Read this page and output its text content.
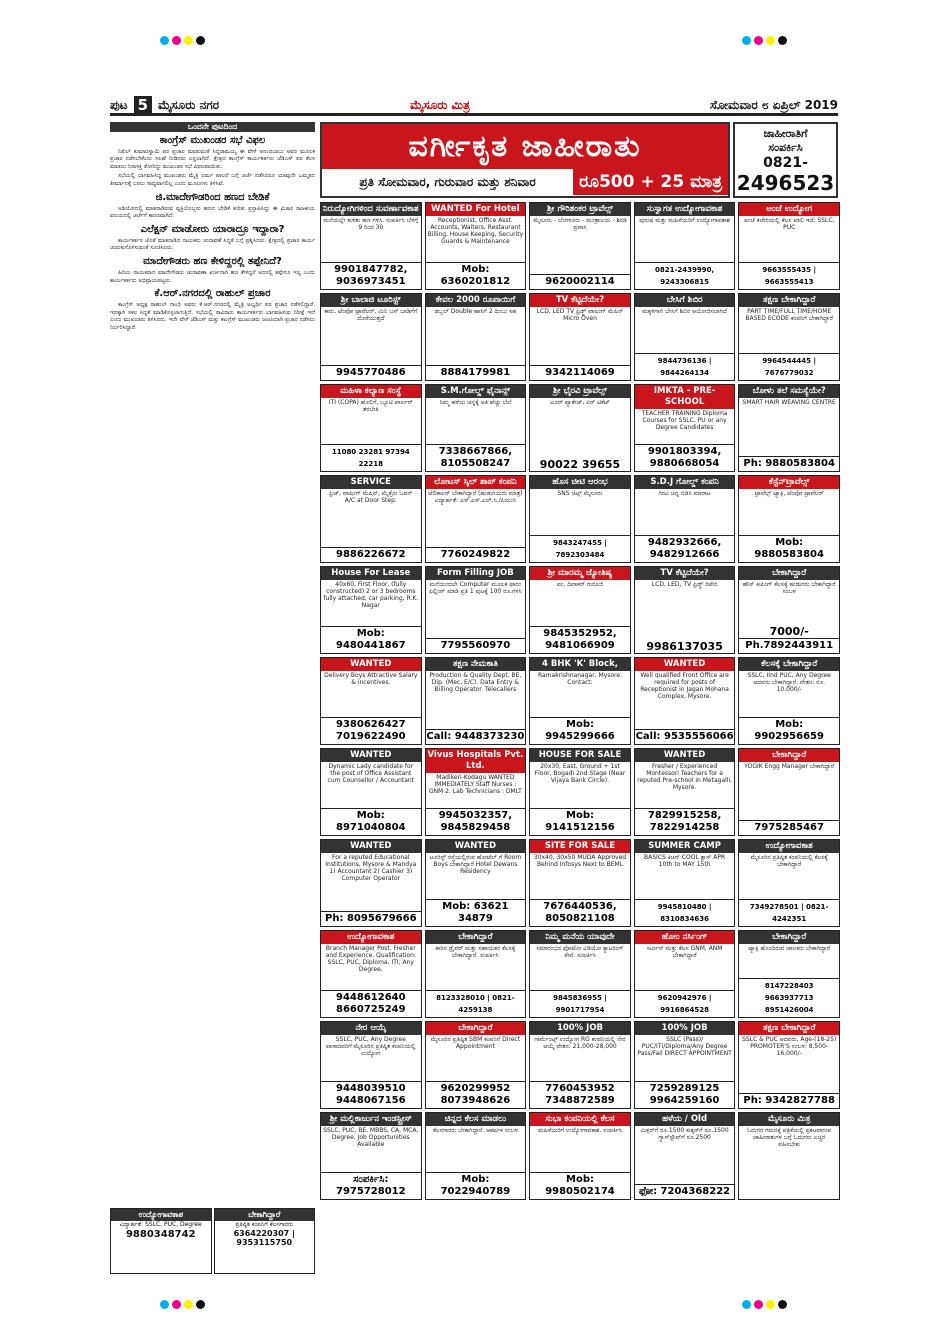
ಪುಟ 5 ಮೈಸೂರು ನಗರ	ಮೈಸೂರು ಮಿತ್ರ	ಸೋಮವಾರ ೮ ಏಪ್ರಿಲ್ 2019
ಒಂದನೇ ಪುಟದಿಂದ
ಕಾಂಗ್ರೆಸ್ ಮುಖಂಡರ ಸಭೆ ವಿಫಲ

ನಿಖಿಲ್ ಕುಮಾರಸ್ವಾಮಿ ಪರ ಪ್ರಚಾರ ಮಾಡುವಂತೆ ಸಿದ್ದರಾಮಯ್ಯ ಈ ವೇಳೆ ಆನಂದಬಾಬು ಅವರ ಮೂಲಕ ಪ್ರಚಾರ ನಡೆಸಬೇಕೆಂದು ಸಲಹೆ ನೀಡಿದರು ಎನ್ನಲಾಗಿದೆ. ಕ್ಷೇತ್ರದ ಕಾಂಗ್ರೆಸ್ ಕಾರ್ಯಕರ್ತರು ಜೆಡಿಎಸ್ ಪರ ಕೆಲಸ ಮಾಡಲು ನಿರಾಸಕ್ತಿ ತೋರಿದ್ದು ಮುಖಂಡರ ಸಭೆ ವಿಫಲವಾಯಿತು.

ಸಭೆಯಲ್ಲಿ ಭಾಗವಹಿಸಿದ್ದ ಮುಖಂಡರು ಮೈತ್ರಿ ಧರ್ಮ ಪಾಲನೆ ಬಗ್ಗೆ ಚರ್ಚೆ ನಡೆಸಿದರೂ ಯಾವುದೇ ಒಮ್ಮತದ ತೀರ್ಮಾನಕ್ಕೆ ಬರಲು ಸಾಧ್ಯವಾಗಲಿಲ್ಲ ಎಂದು ಮೂಲಗಳು ತಿಳಿಸಿವೆ.

ಜಿ.ಮಾದೇಗೌಡರಿಂದ ಹಣದ ಬೇಡಿಕೆ

ಅಡಿಯೋದಲ್ಲಿ ಮಾತನಾಡಿರುವ ವ್ಯಕ್ತಿಯೊಬ್ಬರು ಹಣದ ಬೇಡಿಕೆ ಕುರಿತು ಪ್ರಸ್ತಾಪಿಸಿದ್ದು ಈ ವಿಚಾರ ರಾಜಕೀಯ ವಲಯದಲ್ಲಿ ಚರ್ಚೆಗೆ ಕಾರಣವಾಗಿದೆ.

ಎಲೆಕ್ಷನ್ ಮಾಡೋರು ಯಾರಾದ್ರೂ ಇದ್ದಾರಾ?

ಕಾರ್ಯಕರ್ತರ ಜೊತೆ ಮಾತನಾಡಿದ ನಾಯಕರು ಚುನಾವಣೆ ಸಿದ್ಧತೆ ಬಗ್ಗೆ ಪ್ರಶ್ನಿಸಿದರು. ಕ್ಷೇತ್ರದಲ್ಲಿ ಪ್ರಚಾರ ಕಾರ್ಯ ಚುರುಕುಗೊಳಿಸುವಂತೆ ಸೂಚಿಸಿದರು.

ಮಾದೇಗೌಡರು ಹಣ ಕೇಳಿದ್ದರಲ್ಲಿ ತಪ್ಪೇನಿದೆ?

ಹಿರಿಯ ನಾಯಕರಾದ ಮಾದೇಗೌಡರು ಚುನಾವಣಾ ಖರ್ಚಿಗಾಗಿ ಹಣ ಕೇಳಿದ್ದರೆ ಅದರಲ್ಲಿ ತಪ್ಪೇನೂ ಇಲ್ಲ ಎಂದು ಕಾರ್ಯಕರ್ತರು ಅಭಿಪ್ರಾಯಪಟ್ಟರು.

ಕೆ.ಆರ್.ನಗರದಲ್ಲಿ ರಾಹುಲ್ ಪ್ರಚಾರ

ಕಾಂಗ್ರೆಸ್ ಅಧ್ಯಕ್ಷ ರಾಹುಲ್ ಗಾಂಧಿ ಅವರು ಕೆ.ಆರ್.ನಗರದಲ್ಲಿ ಮೈತ್ರಿ ಅಭ್ಯರ್ಥಿ ಪರ ಪ್ರಚಾರ ನಡೆಸಲಿದ್ದಾರೆ. ಇದಕ್ಕಾಗಿ ಸಕಲ ಸಿದ್ಧತೆ ಮಾಡಿಕೊಳ್ಳಲಾಗುತ್ತಿದೆ. ಸಭೆಯಲ್ಲಿ ಸಾವಿರಾರು ಕಾರ್ಯಕರ್ತರು ಭಾಗವಹಿಸುವ ನಿರೀಕ್ಷೆ ಇದೆ ಎಂದು ಮುಖಂಡರು ತಿಳಿಸಿದರು. ಇದೇ ವೇಳೆ ಜೆಡಿಎಸ್ ಮತ್ತು ಕಾಂಗ್ರೆಸ್ ಮುಖಂಡರು ಜಂಟಿಯಾಗಿ ಪ್ರಚಾರ ನಡೆಸಲು ನಿರ್ಧರಿಸಿದ್ದಾರೆ.

ಉದ್ಯೋಗಾವಕಾಶ
ವಿದ್ಯಾರ್ಹತೆ: SSLC, PUC, Degree
9880348742
ಬೇಕಾಗಿದ್ದಾರೆ
ಪ್ರತಿಷ್ಠಿತ ಕಂಪನಿಗೆ ಕೆಲಸಗಾರರು
6364220307 | 9353115750
ವರ್ಗೀಕೃತ ಜಾಹೀರಾತು
ಪ್ರತಿ ಸೋಮವಾರ, ಗುರುವಾರ ಮತ್ತು ಶನಿವಾರ	ರೂ500 + 25 ಮಾತ್ರ
ಜಾಹೀರಾತಿಗೆ
ಸಂಪರ್ಕಿಸಿ
0821-
2496523
ನಿರುದ್ಯೋಗಿಗಳಿಂದ ಸುವರ್ಣಾವಕಾಶ
ಮನೆಯಲ್ಲೇ ಕುಳಿತು ಹಣ ಗಳಿಸಿ. ಸಂಪರ್ಕಿಸಿ ಬೆಳಿಗ್ಗೆ 9 ರಿಂದ 30
9901847782, 9036973451
WANTED For Hotel
Receptionist, Office Asst. Accounts, Waiters, Restaurant Billing, House Keeping, Security Guards & Maintenance
Mob: 6360201812
ಶ್ರೀ ಗೌರಿಶಂಕರ ಟ್ರಾವೆಲ್ಸ್
ಮೈಸೂರು - ಬೆಂಗಳೂರು - ಮಂತ್ರಾಲಯ - ಶಿರಡಿ ಪ್ರವಾಸ
9620002114
ಸುಸ್ವಾಗತ ಉದ್ಯೋಗಾವಕಾಶ
ಪುರುಷ ಮತ್ತು ಮಹಿಳೆಯರಿಗೆ ಉದ್ಯೋಗಾವಕಾಶ
0821-2439990, 9243306815
ಅಂಚೆ ಉದ್ಯೋಗ
ಅಂಚೆ ಕಚೇರಿಯಲ್ಲಿ ಕೆಲಸ ಖಾಲಿ ಇದೆ. SSLC, PUC
9663555435 | 9663555413
ಶ್ರೀ ಬಾಲಾಜಿ ಟೂರಿಸ್ಟ್
ಕಾರು, ಟೆಂಪೋ ಟ್ರಾವೆಲರ್, ಮಿನಿ ಬಸ್ ಬಾಡಿಗೆಗೆ ದೊರೆಯುತ್ತದೆ
9945770486
ಕೇವಲ 2000 ರೂಪಾಯಿಗೆ
ಡಬ್ಬಲ್ Double ಹಾಸಿಗೆ 2 ದಿಂಬು ಸಹ
8884179981
TV ಕೆಟ್ಟಿದೆಯೇ?
LCD, LED TV ಫ್ರಿಡ್ಜ್ ವಾಷಿಂಗ್ ಮೆಷಿನ್ Micro Oven
9342114069
ಬೇಸಿಗೆ ಶಿಬಿರ
ಮಕ್ಕಳಿಗಾಗಿ ಬೇಸಿಗೆ ಶಿಬಿರ ಆಯೋಜಿಸಲಾಗಿದೆ
9844736136 | 9844264134
ತಕ್ಷಣ ಬೇಕಾಗಿದ್ದಾರೆ
PART TIME/FULL TIME/HOME BASED ECODE ಕಂಪನಿಗೆ ಬೇಕಾಗಿದ್ದಾರೆ
9964544445 | 7676779032
ಮಹಿಳಾ ಕಲ್ಯಾಣ ಸಂಸ್ಥೆ
ITI (COPA) ಹೊಲಿಗೆ, ಬ್ಯೂಟಿ ಪಾರ್ಲರ್ ತರಬೇತಿ
11080 23281 97394 22218
S.M.ಗೋಲ್ಡ್ ಫೈನಾನ್ಸ್
ನಿಮ್ಮ ಹಳೆಯ ಚಿನ್ನಕ್ಕೆ ಅತಿ ಹೆಚ್ಚು ಬೆಲೆ
7338667866, 8105508247
ಶ್ರೀ ಭೈರವಿ ಟ್ರಾವೆಲ್ಸ್
ಟೂರ್ ಪ್ಯಾಕೇಜ್, ಏರ್ ಟಿಕೆಟ್
90022 39655
IMKTA - PRE-SCHOOL
TEACHER TRAINING Diploma Courses for SSLC, PU or any Degree Candidates
9901803394, 9880668054
ಬೋಳು ತಲೆ ಸಮಸ್ಯೆಯೇ?
SMART HAIR WEAVING CENTRE
Ph: 9880583804
SERVICE
ಫ್ರಿಜ್, ವಾಷಿಂಗ್ ಮೆಷಿನ್, ಮೈಕ್ರೋ ಓವನ್ A/C at Door Step.
9886226672
ಲೋಟಸ್ ಸ್ಕಿಲ್ ಶಾಪ್ ಕಂಪನಿ
ಟೆಲಿಕಾಲರ್ ಬೇಕಾಗಿದ್ದಾರೆ (ಹುಡುಗಿಯರು ಮಾತ್ರ) ವಿದ್ಯಾರ್ಹತೆ: ಎಸ್.ಎಸ್.ಎಲ್.ಸಿ./ಪಿಯುಸಿ
7760249822
ಹೊಸ ಚೀಟಿ ಆರಂಭ
SNS ಚಿಟ್ಸ್ ಮೈಸೂರು
9843247455 | 7892303484
S.D.J ಗೋಲ್ಡ್ ಕಂಪನಿ
ಗಿರವಿ ಚಿನ್ನ ಬಿಡಿಸಿ ಮಾರಾಟ
9482932666, 9482912666
ಕೆಸ್ಟೆನ್‌ಟ್ರಾವೆಲ್ಸ್
ಟ್ರಾವೆಲ್ಸ್ ಟ್ಯಾಕ್ಸಿ, ಟೆಂಪೋ ಟ್ರಾವೆಲರ್
Mob: 9880583804
House For Lease
40x60, First Floor, (fully constructed) 2 or 3 bedrooms fully attached, car parking, R.K. Nagar
Mob: 9480441867
Form Filling JOB
ಮನೆಯಿಂದಲೇ Computer ಮೂಲಕ ಫಾರಂ ಫಿಲ್ಲಿಂಗ್ ಮಾಡಿ ಪ್ರತಿ 1 ಪುಟಕ್ಕೆ 100 ರೂ.ಗಳಿಸಿ
7795560970
ಶ್ರೀ ಮಾರಮ್ಮ ಜ್ಯೋತಿಷ್ಯ
ಪಂ. ದಿವಾಕರ್ ಗುರೂಜಿ
9845352952, 9481066909
TV ಕೆಟ್ಟಿದೆಯೇ?
LCD, LED, TV ಫ್ರಿಡ್ಜ್ ರಿಪೇರಿ
9986137035
ಬೇಕಾಗಿದ್ದಾರೆ
ಹೌಸ್ ಕೀಪಿಂಗ್ ಕೆಲಸಕ್ಕೆ ಹುಡುಗರು ಬೇಕಾಗಿದ್ದಾರೆ ಸಂಬಳ
7000/-
Ph.7892443911
WANTED
Delivery Boys Attractive Salary & incentives.
9380626427 7019622490
ತಕ್ಷಣ ನೇಮಕಾತಿ
Production & Quality Dept. BE, Dip. (Mec, E/C). Data Entry & Billing Operator. Telecallers
Call: 9448373230
4 BHK 'K' Block,
Ramakrishnanagar, Mysore. Contact:
Mob: 9945299666
WANTED
Well qualified Front Office are required for posts of Receptionist in Jagan Mohana Complex, Mysore.
Call: 9535556066
ಕೆಲಸಕ್ಕೆ ಬೇಕಾಗಿದ್ದಾರೆ
SSLC, IInd PUC, Any Degree ಆದವರು ಬೇಕಾಗಿದ್ದಾರೆ. ವೇತನ: ರೂ. 10,000/-
Mob: 9902956659
WANTED
Dynamic Lady candidate for the post of Office Assistant cum Counsellor / Accountant
Mob: 8971040804
Vivus Hospitals Pvt. Ltd.
Madikeri-Kodagu WANTED IMMEDIATELY Staff Nurses : GNM 2. Lab Technicians : DMLT
9945032357, 9845829458
HOUSE FOR SALE
20x30, East, Ground + 1st Floor, Bogadi 2nd Stage (Near Vijaya Bank Circle).
Mob: 9141512156
WANTED
Fresher / Experienced Montessori Teachers for a reputed Pre-school in Metagalli, Mysore.
7829915258, 7822914258
ಬೇಕಾಗಿದ್ದಾರೆ
YOGIK Engg Manager ಬೇಕಾಗಿದ್ದಾರೆ
7975285467
WANTED
For a reputed Educational Institutions, Mysore & Mandya 1) Accountant 2) Cashier 3) Computer Operator
Ph: 8095679666
WANTED
ಟೂರಿಸ್ಟ್ ರಸ್ತೆಯಲ್ಲಿರುವ ಹೋಟೆಲ್ ಗೆ Room Boys ಬೇಕಾಗಿದ್ದಾರೆ Hotel Dewans Residency
Mob: 63621 34879
SITE FOR SALE
30x40, 30x50 MUDA Approved Behind Infosys Next to BEML
7676440536, 8050821108
SUMMER CAMP
BASICS ಕಿಚನ್ COOL ಕ್ಲಾಸ್ APR 10th to MAY 15th
9945810480 | 8310834636
ಉದ್ಯೋಗಾವಕಾಶ
ಮೈಸೂರಿನ ಪ್ರತಿಷ್ಠಿತ ಕಂಪನಿಯಲ್ಲಿ ಕೆಲಸಕ್ಕೆ ಬೇಕಾಗಿದ್ದಾರೆ
7349278501 | 0821-4242351
ಉದ್ಯೋಗಾವಕಾಶ
Branch Manager Post. Fresher and Experience. Qualification: SSLC, PUC, Diploma, ITI, Any Degree.
9448612640 8660725249
ಬೇಕಾಗಿದ್ದಾರೆ
ಕಾರಿನ ಡ್ರೈವರ್ ಮತ್ತು ಸಹಾಯಕರ ಕೆಲಸಕ್ಕೆ ಬೇಕಾಗಿದ್ದಾರೆ. ಸಂಪರ್ಕಿಸಿ
8123328010 | 0821-4259138
ನಿಮ್ಮ ಮನೆಯ ಯಾವುದೇ
ಸಮಾರಂಭದ ಫೋಟೋ ವಿಡಿಯೋ ಕ್ಯಾಟರಿಂಗ್ ಸೇವೆ. ಸಂಪರ್ಕಿಸಿ
9845836955 | 9901717954
ಹೋಂ ನರ್ಸಿಂಗ್
ಸರ್ವೀಸ್ ಮತ್ತು ಕೆಲಸ GNM, ANM ಬೇಕಾಗಿದ್ದಾರೆ
9620942976 | 9916864528
ಬೇಕಾಗಿದ್ದಾರೆ
ಟ್ಯಾಕ್ಸಿ ಹೊಂದಿರುವ ಚಾಲಕರು ಬೇಕಾಗಿದ್ದಾರೆ
8147228403 9663937713 8951426004
ನೇರ ಆಯ್ಕೆ
SSLC, PUC, Any Degree ಪಾಸಾದವರಿಗೆ ಮೈಸೂರಿನ ಪ್ರತಿಷ್ಠಿತ ಕಂಪನಿಯಲ್ಲಿ ಉದ್ಯೋಗ
9448039510 9448067156
ಬೇಕಾಗಿದ್ದಾರೆ
ಮೈಸೂರಿನ ಪ್ರತಿಷ್ಠಿತ SBM ಕಂಪನಿಗೆ Direct Appointment
9620299952 8073948626
100% JOB
ಗಾರ್ಮೆಂಟ್ಸ್ ಉದ್ಯೋಗ RG ಕಂಪನಿಯಲ್ಲಿ ನೇರ ಆಯ್ಕೆ ವೇತನ: 21,000-28,000
7760453952 7348872589
100% JOB
SSLC (Pass)/ PUC/ITI/Diploma/Any Degree Pass/Fail DIRECT APPOINTMENT
7259289125 9964259160
ತಕ್ಷಣ ಬೇಕಾಗಿದ್ದಾರೆ
SSLC & PUC ಆದವರು, Age-(18-25) PROMOTER'S ಸಂಬಳ: 8,500-16,000/-
Ph: 9342827788
ಶ್ರೀ ಮಲ್ಲಿಕಾರ್ಜುನ ಇಂಡಸ್ಟ್ರೀಸ್
SSLC, PUC, BE, MBBS, CA, MCA, Degree. Job Opportunities Available
ಸಂಪರ್ಕಿಸಿ: 7975728012
ಚಿನ್ನದ ಕೆಲಸ ಮಾಡಲು
ಕೆಲಸಗಾರರು ಬೇಕಾಗಿದ್ದಾರೆ. ಆಕರ್ಷಕ ಸಂಬಳ
Mob: 7022940789
ಸುಭಾ ಕಂಪನಿಯಲ್ಲಿ ಕೆಲಸ
ಮಹಿಳೆಯರಿಗೆ ಉದ್ಯೋಗಾವಕಾಶ. ಸಂಪರ್ಕಿಸಿ
Mob: 9980502174
ಹಳೆಯ / Old
ಮಿಕ್ಸರ್‌ಗೆ ರೂ.1500 ಕುಕ್ಕರ್‌ಗೆ ರೂ.1500 ಗ್ಯಾಸ್‌ಸ್ಟೌವ್‌ಗೆ ರೂ.2500
ಫೋ: 7204368222
ಮೈಸೂರು ಮಿತ್ರ
ಓದುಗರ ಗಮನಕ್ಕೆ ಪತ್ರಿಕೆಯಲ್ಲಿ ಪ್ರಕಟವಾಗುವ ಜಾಹೀರಾತುಗಳ ಬಗ್ಗೆ ಓದುಗರು ಎಚ್ಚರ ವಹಿಸಬೇಕು
